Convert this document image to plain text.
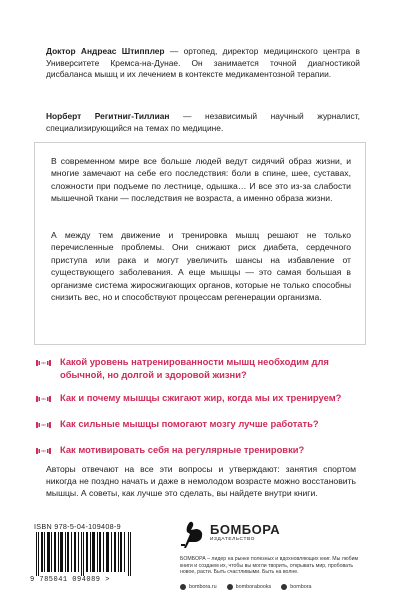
Доктор Андреас Штипплер — ортопед, директор медицинского центра в Университете Кремса-на-Дунае. Он занимается точной диагностикой дисбаланса мышц и их лечением в контексте медикаментозной терапии.

Норберт Регитниг-Тиллиан — независимый научный журналист, специализирующийся на темах по медицине.

В современном мире все больше людей ведут сидячий образ жизни, и многие замечают на себе его последствия: боли в спине, шее, суставах, сложности при подъеме по лестнице, одышка… И все это из-за слабости мышечной ткани — последствия не возраста, а именно образа жизни.

А между тем движение и тренировка мышц решают не только перечисленные проблемы. Они снижают риск диабета, сердечного приступа или рака и могут увеличить шансы на избавление от существующего заболевания. А еще мышцы — это самая большая в организме система жиросжигающих органов, которые не только способны снизить вес, но и способствуют процессам регенерации организма.

Какой уровень натренированности мышц необходим для обычной, но долгой и здоровой жизни?
Как и почему мышцы сжигают жир, когда мы их тренируем?
Как сильные мышцы помогают мозгу лучше работать?
Как мотивировать себя на регулярные тренировки?

Авторы отвечают на все эти вопросы и утверждают: занятия спортом никогда не поздно начать и даже в немолодом возрасте можно восстановить мышцы. А советы, как лучше это сделать, вы найдете внутри книги.

ISBN 978-5-04-109408-9
9 785041 094089 >
БОМБОРА
ИЗДАТЕЛЬСТВО

БОМБОРА – лидер на рынке полезных и вдохновляющих книг. Мы любим книги и создаем их, чтобы вы могли творить, открывать мир, пробовать новое, расти. Быть счастливыми. Быть на волне.

bombora.ru	bomborabooks	bombora
